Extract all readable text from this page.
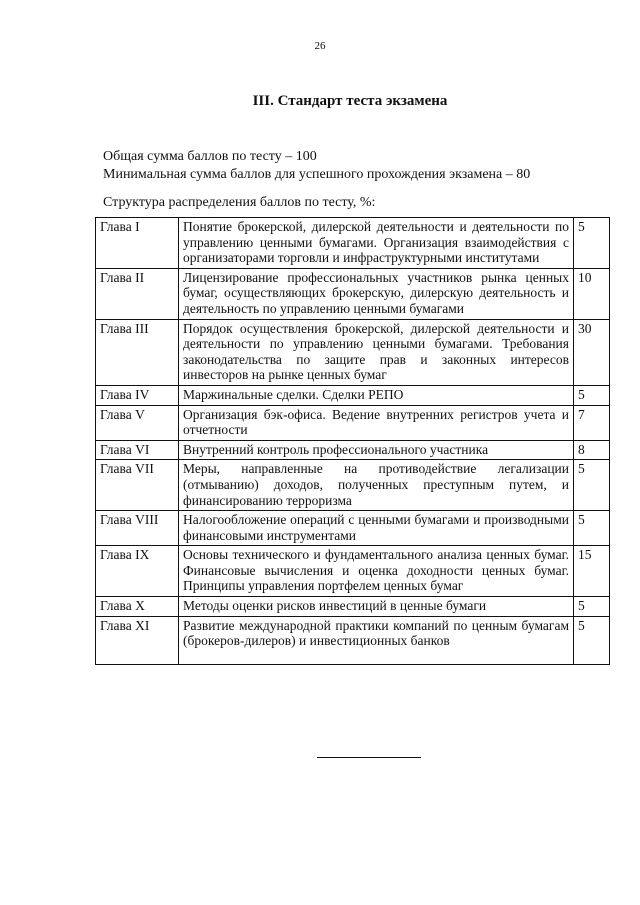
26
III. Стандарт теста экзамена
Общая сумма баллов по тесту – 100
Минимальная сумма баллов для успешного прохождения экзамена – 80
Структура распределения баллов по тесту, %:
Глава I	Понятие брокерской, дилерской деятельности и деятельности по управлению ценными бумагами. Организация взаимодействия с организаторами торговли и инфраструктурными институтами	5
Глава II	Лицензирование профессиональных участников рынка ценных бумаг, осуществляющих брокерскую, дилерскую деятельность и деятельность по управлению ценными бумагами	10
Глава III	Порядок осуществления брокерской, дилерской деятельности и деятельности по управлению ценными бумагами. Требования законодательства по защите прав и законных интересов инвесторов на рынке ценных бумаг	30
Глава IV	Маржинальные сделки. Сделки РЕПО	5
Глава V	Организация бэк-офиса. Ведение внутренних регистров учета и отчетности	7
Глава VI	Внутренний контроль профессионального участника	8
Глава VII	Меры, направленные на противодействие легализации (отмыванию) доходов, полученных преступным путем, и финансированию терроризма	5
Глава VIII	Налогообложение операций с ценными бумагами и производными финансовыми инструментами	5
Глава IX	Основы технического и фундаментального анализа ценных бумаг. Финансовые вычисления и оценка доходности ценных бумаг. Принципы управления портфелем ценных бумаг	15
Глава X	Методы оценки рисков инвестиций в ценные бумаги	5
Глава XI	Развитие международной практики компаний по ценным бумагам (брокеров-дилеров) и инвестиционных банков	5
